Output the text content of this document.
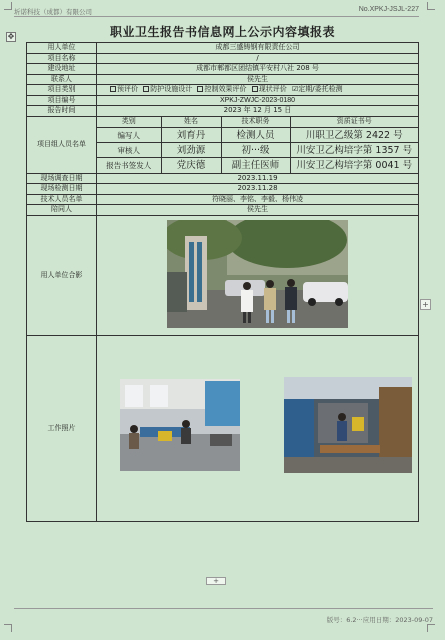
圻诺科技（成都）有限公司	No.XPKJ-JSJL-227
✥	职业卫生报告书信息网上公示内容填报表
用人单位	成都三盛铸钢有限责任公司
项目名称	/
建设地址	成都市郫都区团结镇平安村八社 208 号
联系人	侯先生
项目类别	预评价 防护设施设计 控制效果评价 现状评价 ☑定期/委托检测
项目编号	XPKJ-ZWJC-2023-0180
报告时间	2023 年 12 月 15 日
项目组人员名单	
类别	姓名	技术职务	资质证书号
编写人	刘育丹	检测人员	川职卫乙级第 2422 号
审核人	刘劲源	初···级	川安卫乙构培字第 1357 号
报告书签发人	党庆德	副主任医师	川安卫乙构培字第 0041 号

现场调查日期	2023.11.19
现场检测日期	2023.11.28
技术人员名单	符晓丽、李铭、李毅、杨伟凌
陪同人	侯先生
用人单位合影	

工作照片
+
+
版号：6.2···应用日期：2023-09-07
